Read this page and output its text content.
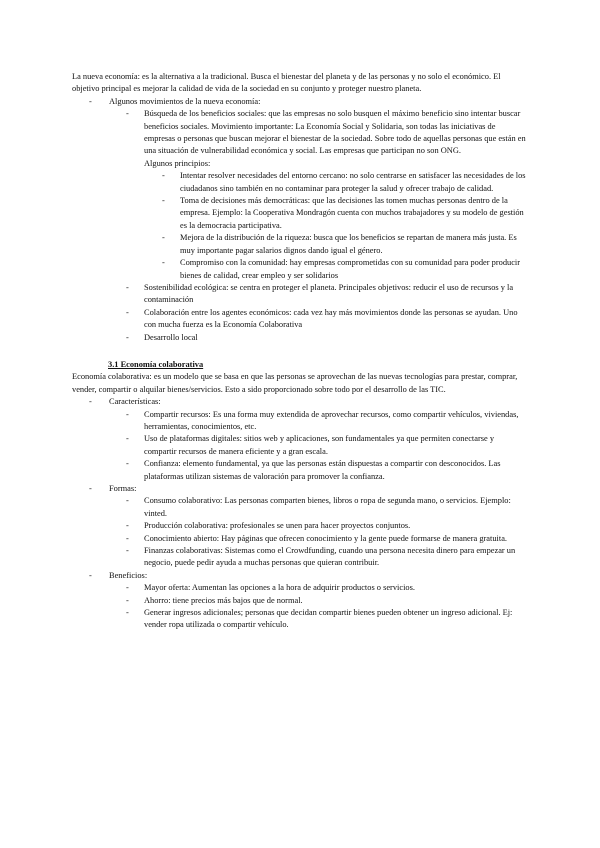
La nueva economía: es la alternativa a la tradicional. Busca el bienestar del planeta y de las personas y no solo el económico. El objetivo principal es mejorar la calidad de vida de la sociedad en su conjunto y proteger nuestro planeta.

- Algunos movimientos de la nueva economía:
- Búsqueda de los beneficios sociales: que las empresas no solo busquen el máximo beneficio sino intentar buscar beneficios sociales. Movimiento importante: La Economía Social y Solidaria, son todas las iniciativas de empresas o personas que buscan mejorar el bienestar de la sociedad. Sobre todo de aquellas personas que están en una situación de vulnerabilidad económica y social. Las empresas que participan no son ONG.
Algunos principios:
- Intentar resolver necesidades del entorno cercano: no solo centrarse en satisfacer las necesidades de los ciudadanos sino también en no contaminar para proteger la salud y ofrecer trabajo de calidad.
- Toma de decisiones más democráticas: que las decisiones las tomen muchas personas dentro de la empresa. Ejemplo: la Cooperativa Mondragón cuenta con muchos trabajadores y su modelo de gestión es la democracia participativa.
- Mejora de la distribución de la riqueza: busca que los beneficios se repartan de manera más justa. Es muy importante pagar salarios dignos dando igual el género.
- Compromiso con la comunidad: hay empresas comprometidas con su comunidad para poder producir bienes de calidad, crear empleo y ser solidarios
- Sostenibilidad ecológica: se centra en proteger el planeta. Principales objetivos: reducir el uso de recursos y la contaminación
- Colaboración entre los agentes económicos: cada vez hay más movimientos donde las personas se ayudan. Uno con mucha fuerza es la Economía Colaborativa
- Desarrollo local
3.1 Economía colaborativa

Economía colaborativa: es un modelo que se basa en que las personas se aprovechan de las nuevas tecnologías para prestar, comprar, vender, compartir o alquilar bienes/servicios. Esto a sido proporcionado sobre todo por el desarrollo de las TIC.

- Características:
- Compartir recursos: Es una forma muy extendida de aprovechar recursos, como compartir vehículos, viviendas, herramientas, conocimientos, etc.
- Uso de plataformas digitales: sitios web y aplicaciones, son fundamentales ya que permiten conectarse y compartir recursos de manera eficiente y a gran escala.
- Confianza: elemento fundamental, ya que las personas están dispuestas a compartir con desconocidos. Las plataformas utilizan sistemas de valoración para promover la confianza.
- Formas:
- Consumo colaborativo: Las personas comparten bienes, libros o ropa de segunda mano, o servicios. Ejemplo: vinted.
- Producción colaborativa: profesionales se unen para hacer proyectos conjuntos.
- Conocimiento abierto: Hay páginas que ofrecen conocimiento y la gente puede formarse de manera gratuita.
- Finanzas colaborativas: Sistemas como el Crowdfunding, cuando una persona necesita dinero para empezar un negocio, puede pedir ayuda a muchas personas que quieran contribuir.
- Beneficios:
- Mayor oferta: Aumentan las opciones a la hora de adquirir productos o servicios.
- Ahorro: tiene precios más bajos que de normal.
- Generar ingresos adicionales; personas que decidan compartir bienes pueden obtener un ingreso adicional. Ej: vender ropa utilizada o compartir vehículo.
